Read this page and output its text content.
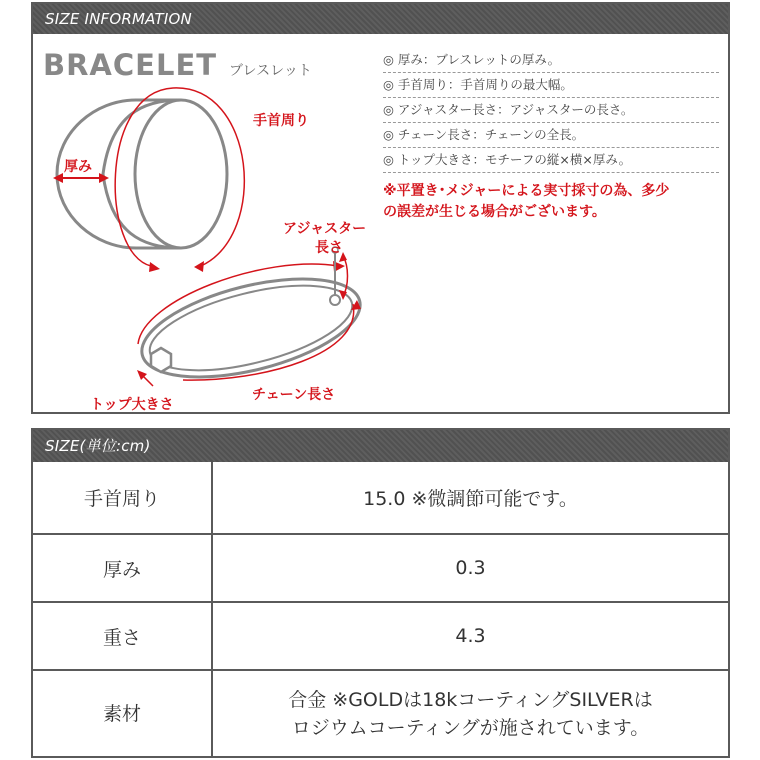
SIZE INFORMATION
BRACELET ブレスレット
手首周り
厚み
アジャスター
長さ
トップ大きさ
チェーン長さ
◎ 厚み：ブレスレットの厚み。
◎ 手首周り：手首周りの最大幅。
◎ アジャスター長さ：アジャスターの長さ。
◎ チェーン長さ：チェーンの全長。
◎ トップ大きさ：モチーフの縦×横×厚み。
※平置き･メジャーによる実寸採寸の為、多少
の誤差が生じる場合がございます。
SIZE(単位:cm)
手首周り	15.0 ※微調節可能です。
厚み	0.3
重さ	4.3
素材	合金 ※GOLDは18kコーティングSILVERは
ロジウムコーティングが施されています。
